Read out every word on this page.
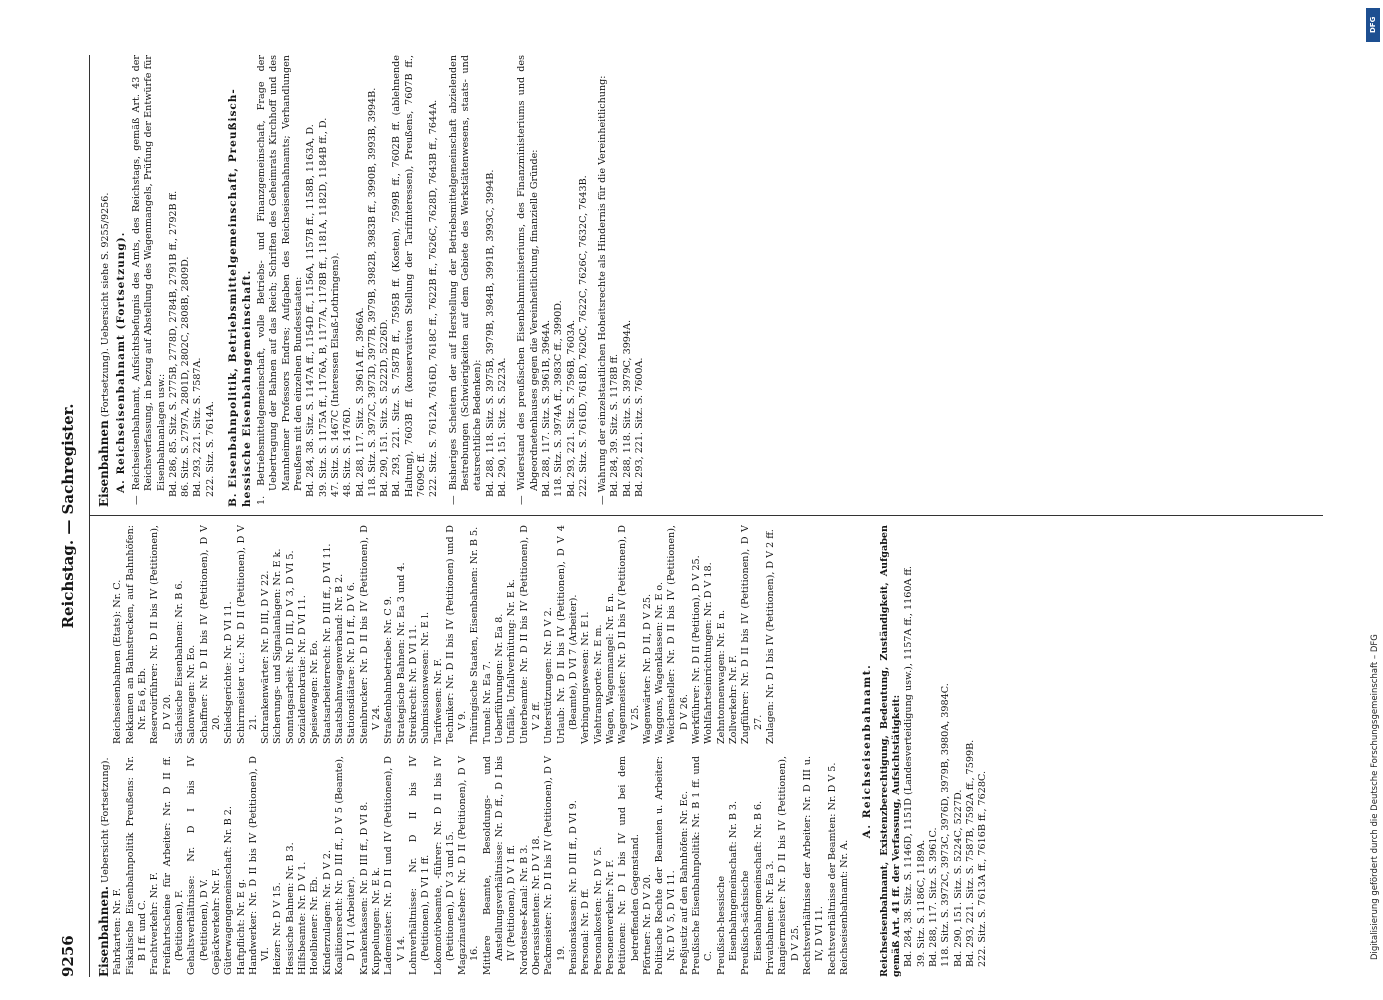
9256
Reichstag. — Sachregister.

Eisenbahnen. Uebersicht (Fortsetzung).

Fahrkarten: Nr. F. Fiskalische Eisenbahnpolitik Preußens: Nr. B I ff. und C. Frachtverkehr: Nr. F. Freifahrtscheine für Arbeiter: Nr. D II ff. (Petitionen), F. Gehaltsverhältnisse: Nr. D I bis IV (Petitionen), D V. Gepäckverkehr: Nr. F. Güterwagengemeinschaft: Nr. B 2. Haftpflicht: Nr. E g. Handwerker: Nr. D II bis IV (Petitionen), D VI. Heizer: Nr. D V 15. Hessische Bahnen: Nr. B 3. Hilfsbeamte: Nr. D V 1. Hotelbiener: Nr. Eb. Kinderzulagen: Nr. D V 2. Koalitionsrecht: Nr. D III ff., D V 5 (Beamte), D VI 1 (Arbeiter). Krankenkassen: Nr. D III ff., D VI 8. Kuppelungen: Nr. E k. Lademeister: Nr. D II und IV (Petitionen), D V 14. Lohnverhältnisse: Nr. D II bis IV (Petitionen), D VI 1 ff. Lokomotivbeamte, -führer: Nr. D II bis IV (Petitionen), D V 3 und 15. Magazinaufseher: Nr. D II (Petitionen), D V 16. Mittlere Beamte, Besoldungs- und Anstellungsverhältnisse: Nr. D ff., D I bis IV (Petitionen), D V 1 ff. Nordostsee-Kanal: Nr. B 3. Oberassistenten: Nr. D V 18. Packmeister: Nr. D II bis IV (Petitionen), D V 19. Pensionskassen: Nr. D III ff., D VI 9. Personal: Nr. D ff. Personalkosten: Nr. D V 5. Personenverkehr: Nr. F. Petitionen: Nr. D I bis IV und bei dem betreffenden Gegenstand. Pförtner: Nr. D V 20. Politische Rechte der Beamten u. Arbeiter: Nr. D V 5, D VI 11. Preßjustiz auf den Bahnhöfen: Nr. Ec. Preußische Eisenbahnpolitik: Nr. B 1 ff. und C. Preußisch-hessische Eisenbahngemeinschaft: Nr. B 3. Preußisch-sächsische Eisenbahngemeinschaft: Nr. B 6. Privatbahnen: Nr. Ea 3. Rangiermeister: Nr. D II bis IV (Petitionen), D V 25. Rechtsverhältnisse der Arbeiter: Nr. D III u. IV, D VI 11. Rechtsverhältnisse der Beamten: Nr. D V 5. Reichseisenbahnamt: Nr. A.

Reichseisenbahnen (Etats): Nr. C. Rekkamen an Bahnstrecken, auf Bahnhöfen: Nr. Ea 6, Eb. Reservoirführer: Nr. D II bis IV (Petitionen), D V 20. Sächsische Eisenbahnen: Nr. B 6. Salonwagen: Nr. Eo. Schaffner: Nr. D II bis IV (Petitionen), D V 20. Schiedsgerichte: Nr. D VI 11. Schirrmeister u.c.: Nr. D II (Petitionen), D V 21. Schrankenwärter: Nr. D III, D V 22. Sicherungs- und Signalanlagen: Nr. E k. Sonntagsarbeit: Nr. D III, D V 3, D VI 5. Sozialdemokratie: Nr. D VI 11. Speisewagen: Nr. Eo. Staatsarbeiterrecht: Nr. D III ff., D VI 11. Staatsbahnwagenverband: Nr. B 2. Stationsdiätare: Nr. D I ff., D V 6. Steinbrucker: Nr. D II bis IV (Petitionen), D V 24. Straßenbahnbetriebe: Nr. C 9. Strategische Bahnen: Nr. Ea 3 und 4. Streikrecht: Nr. D VI 11. Submissionswesen: Nr. E l. Tarifwesen: Nr. F. Techniker: Nr. D II bis IV (Petitionen) und D V 9. Thüringische Staaten, Eisenbahnen: Nr. B 5. Tunnel: Nr. Ea 7. Ueberführungen: Nr. Ea 8. Unfälle, Unfallverhütung: Nr. E k. Unterbeamte: Nr. D II bis IV (Petitionen), D V 2 ff. Unterstützungen: Nr. D V 2. Urlaub: Nr. D II bis IV (Petitionen), D V 4 (Beamte), D VI 7 (Arbeiter). Verbingungswesen: Nr. E l. Viehtransporte: Nr. E m. Wagen, Wagenmangel: Nr. E n. Wagenmeister: Nr. D II bis IV (Petitionen), D V 25. Wagenwärter: Nr. D II, D V 25. Waggons, Wagenklassen: Nr. E o. Weichensteller: Nr. D II bis IV (Petitionen), D V 26. Werkführer: Nr. D II (Petition), D V 25. Wohlfahrtseinrichtungen: Nr. D V 18. Zehntonnenwagen: Nr. E n. Zollverkehr: Nr. F. Zugführer: Nr. D II bis IV (Petitionen), D V 27. Zulagen: Nr. D I bis IV (Petitionen), D V 2 ff.

A. Reichseisenbahnamt. Reichseisenbahnamt, Existenzberechtigung, Bedeutung, Zuständigkeit, Aufgaben gemäß Art. 41 ff. der Verfassung, Aufsichtstätigkeit: Bd. 284, 38. Sitz. S. 1146D, 1151D (Landesverteidigung usw.), 1157A ff., 1160A ff. 39. Sitz. S. 1186C, 1189A. Bd. 288, 117. Sitz. S. 3961C. 118. Sitz. S. 3972C, 3973C, 3976D, 3979B, 3980A, 3984C. Bd. 290, 151. Sitz. S. 5224C, 5227D. Bd. 293, 221. Sitz. S. 7587B, 7592A ff., 7599B. 222. Sitz. S. 7613A ff., 7616B ff., 7628C.

Eisenbahnen (Fortsetzung). Uebersicht siehe S. 9255/9256. A. Reichseisenbahnamt (Fortsetzung). — Reichseisenbahnamt, Aufsichtsbefugnis des Amts, des Reichstags, gemäß Art. 43 der Reichsverfassung, in bezug auf Abstellung des Wagenmangels, Prüfung der Entwürfe für Eisenbahnanlagen usw.: Bd. 286, 85. Sitz. S. 2775B, 2778D, 2784B, 2791B ff., 2792B ff. 86. Sitz. S. 2797A, 2801D, 2802C, 2808B, 2809D. Bd. 293, 221. Sitz. S. 7587A. 222. Sitz. S. 7614A. B. Eisenbahnpolitik, Betriebsmittelgemeinschaft, Preußisch-hessische Eisenbahngemeinschaft. 1. Betriebsmittelgemeinschaft, volle Betriebs- und Finanzgemeinschaft, Frage der Uebertragung der Bahnen auf das Reich; Schriften des Geheimrats Kirchhoff und des Mannheimer Professors Endres; Aufgaben des Reichseisenbahnamts; Verhandlungen Preußens mit den einzelnen Bundesstaaten: Bd. 284, 38. Sitz. S. 1147A ff., 1154D ff., 1156A, 1157B ff., 1158B, 1163A, D. 39. Sitz. S. 1175A ff., 1176A, B, 1177A, 1178B ff., 1181A, 1182D, 1184B ff., D. 47. Sitz. S. 1467C (Interessen Elsaß-Lothringens). 48. Sitz. S. 1476D. Bd. 288, 117. Sitz. S. 3961A ff., 3966A. 118. Sitz. S. 3972C, 3973D, 3977B, 3979B, 3982B, 3983B ff., 3990B, 3993B, 3994B. Bd. 290, 151. Sitz. S. 5222D, 5226D. Bd. 293, 221. Sitz. S. 7587B ff., 7595B ff. (Kosten), 7599B ff., 7602B ff. (ablehnende Haltung), 7603B ff. (konservativen Stellung der Tarifinteressen), Preußens, 7607B ff., 7609C ff. 222. Sitz. S. 7612A, 7616D, 7618C ff., 7622B ff., 7626C, 7628D, 7643B ff., 7644A. — Bisheriges Scheitern der auf Herstellung der Betriebsmittelgemeinschaft abzielenden Bestrebungen (Schwierigkeiten auf dem Gebiete des Werkstättenwesens, staats- und etatsrechtliche Bedenken): Bd. 288, 118. Sitz. S. 3975B, 3979B, 3984B, 3991B, 3993C, 3994B. Bd. 290, 151. Sitz. S. 5223A. — Widerstand des preußischen Eisenbahnministeriums, des Finanzministeriums und des Abgeordnetenhauses gegen die Vereinheitlichung, finanzielle Gründe: Bd. 288, 117. Sitz. S. 3961B, 3964A. 118. Sitz. S. 3974A ff., 3983C ff., 3990D. Bd. 293, 221. Sitz. S. 7596B, 7603A. 222. Sitz. S. 7616D, 7618D, 7620C, 7622C, 7626C, 7632C, 7643B. — Wahrung der einzelstaatlichen Hoheitsrechte als Hindernis für die Vereinheitlichung: Bd. 284, 39. Sitz. S. 1178B ff. Bd. 288, 118. Sitz. S. 3979C, 3994A. Bd. 293, 221. Sitz. S. 7600A.

Digitalisierung gefördert durch die Deutsche Forschungsgemeinschaft – DFG
DFG
